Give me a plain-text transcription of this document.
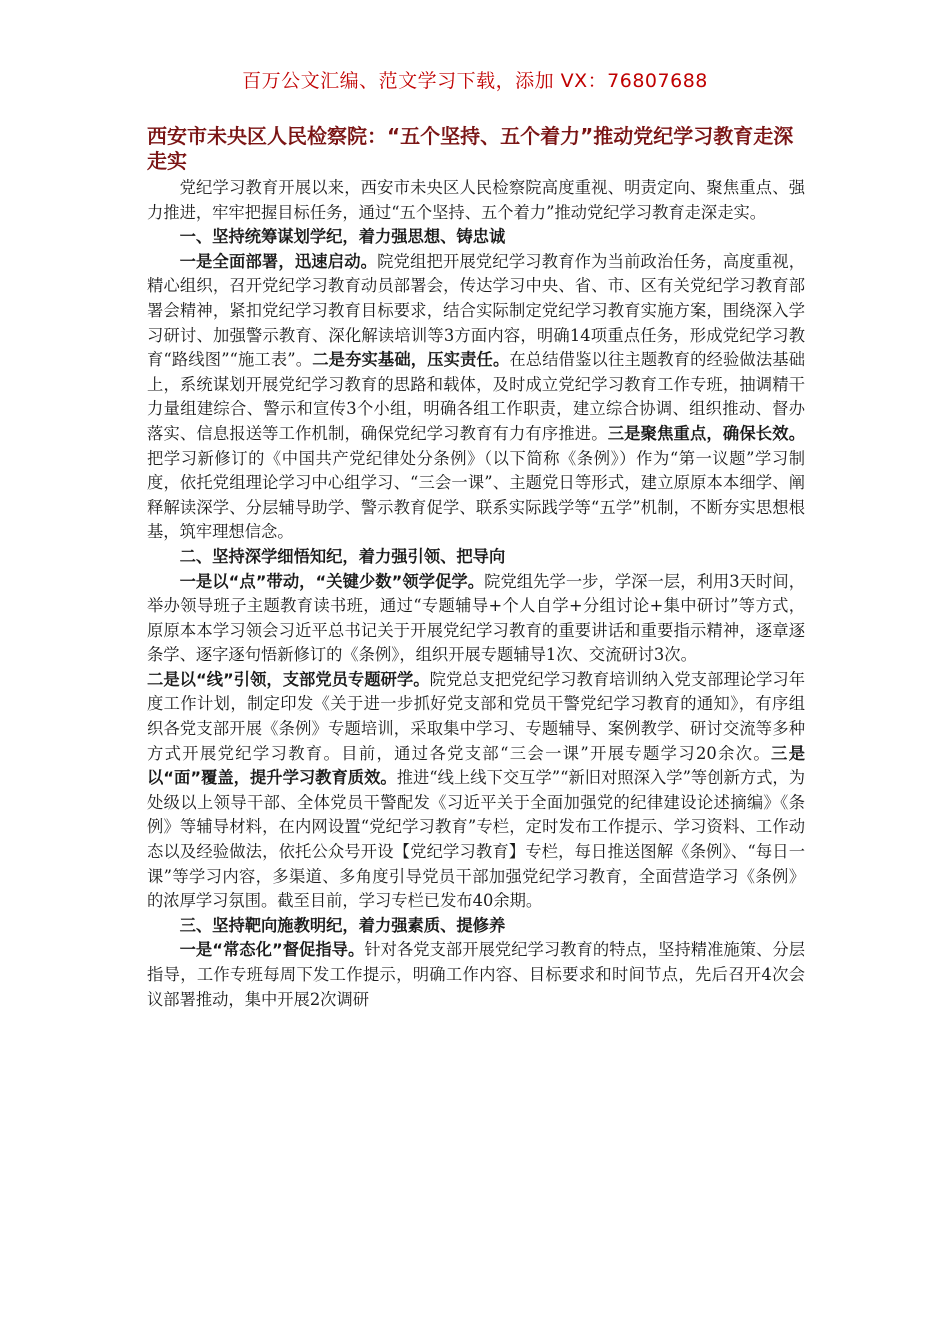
百万公文汇编、范文学习下载，添加 VX：76807688
西安市未央区人民检察院：“五个坚持、五个着力”推动党纪学习教育走深走实

党纪学习教育开展以来，西安市未央区人民检察院高度重视、明责定向、聚焦重点、强力推进，牢牢把握目标任务，通过“五个坚持、五个着力”推动党纪学习教育走深走实。

一、坚持统筹谋划学纪，着力强思想、铸忠诚

一是全面部署，迅速启动。院党组把开展党纪学习教育作为当前政治任务，高度重视，精心组织，召开党纪学习教育动员部署会，传达学习中央、省、市、区有关党纪学习教育部署会精神，紧扣党纪学习教育目标要求，结合实际制定党纪学习教育实施方案，围绕深入学习研讨、加强警示教育、深化解读培训等3方面内容，明确14项重点任务，形成党纪学习教育“路线图”“施工表”。二是夯实基础，压实责任。在总结借鉴以往主题教育的经验做法基础上，系统谋划开展党纪学习教育的思路和载体，及时成立党纪学习教育工作专班，抽调精干力量组建综合、警示和宣传3个小组，明确各组工作职责，建立综合协调、组织推动、督办落实、信息报送等工作机制，确保党纪学习教育有力有序推进。三是聚焦重点，确保长效。把学习新修订的《中国共产党纪律处分条例》（以下简称《条例》）作为“第一议题”学习制度，依托党组理论学习中心组学习、“三会一课”、主题党日等形式，建立原原本本细学、阐释解读深学、分层辅导助学、警示教育促学、联系实际践学等“五学”机制，不断夯实思想根基，筑牢理想信念。

二、坚持深学细悟知纪，着力强引领、把导向

一是以“点”带动，“关键少数”领学促学。院党组先学一步，学深一层，利用3天时间，举办领导班子主题教育读书班，通过“专题辅导+个人自学+分组讨论+集中研讨”等方式，原原本本学习领会习近平总书记关于开展党纪学习教育的重要讲话和重要指示精神，逐章逐条学、逐字逐句悟新修订的《条例》，组织开展专题辅导1次、交流研讨3次。

二是以“线”引领，支部党员专题研学。院党总支把党纪学习教育培训纳入党支部理论学习年度工作计划，制定印发《关于进一步抓好党支部和党员干警党纪学习教育的通知》，有序组织各党支部开展《条例》专题培训，采取集中学习、专题辅导、案例教学、研讨交流等多种方式开展党纪学习教育。目前，通过各党支部“三会一课”开展专题学习20余次。三是以“面”覆盖，提升学习教育质效。推进“线上线下交互学”“新旧对照深入学”等创新方式，为处级以上领导干部、全体党员干警配发《习近平关于全面加强党的纪律建设论述摘编》《条例》等辅导材料，在内网设置“党纪学习教育”专栏，定时发布工作提示、学习资料、工作动态以及经验做法，依托公众号开设【党纪学习教育】专栏，每日推送图解《条例》、“每日一课”等学习内容，多渠道、多角度引导党员干部加强党纪学习教育，全面营造学习《条例》的浓厚学习氛围。截至目前，学习专栏已发布40余期。

三、坚持靶向施教明纪，着力强素质、提修养

一是“常态化”督促指导。针对各党支部开展党纪学习教育的特点，坚持精准施策、分层指导，工作专班每周下发工作提示，明确工作内容、目标要求和时间节点，先后召开4次会议部署推动，集中开展2次调研
